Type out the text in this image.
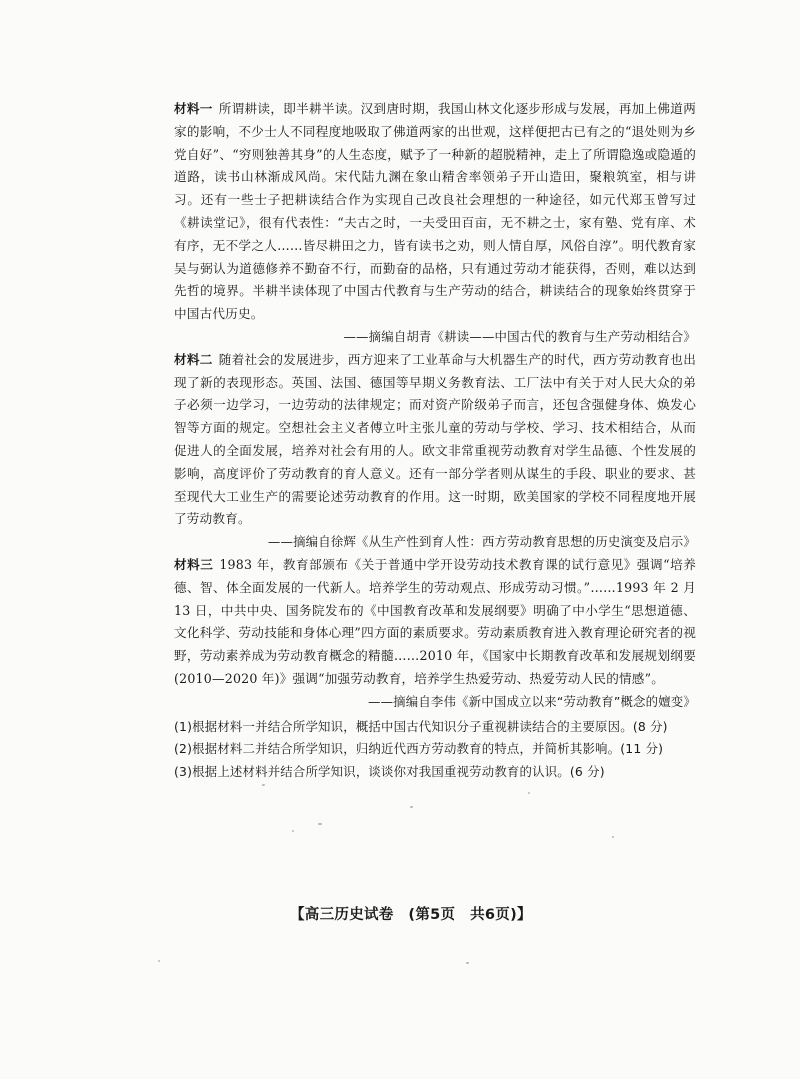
材料一 所谓耕读，即半耕半读。汉到唐时期，我国山林文化逐步形成与发展，再加上佛道两家的影响，不少士人不同程度地吸取了佛道两家的出世观，这样便把古已有之的“退处则为乡党自好”、“穷则独善其身”的人生态度，赋予了一种新的超脱精神，走上了所谓隐逸或隐遁的道路，读书山林渐成风尚。宋代陆九渊在象山精舍率领弟子开山造田，聚粮筑室，相与讲习。还有一些士子把耕读结合作为实现自己改良社会理想的一种途径，如元代郑玉曾写过《耕读堂记》，很有代表性：“夫古之时，一夫受田百亩，无不耕之士，家有塾、党有庠、术有序，无不学之人……皆尽耕田之力，皆有读书之劝，则人情自厚，风俗自淳”。明代教育家吴与弼认为道德修养不勤奋不行，而勤奋的品格，只有通过劳动才能获得，否则，难以达到先哲的境界。半耕半读体现了中国古代教育与生产劳动的结合，耕读结合的现象始终贯穿于中国古代历史。

——摘编自胡青《耕读——中国古代的教育与生产劳动相结合》

材料二 随着社会的发展进步，西方迎来了工业革命与大机器生产的时代，西方劳动教育也出现了新的表现形态。英国、法国、德国等早期义务教育法、工厂法中有关于对人民大众的弟子必须一边学习，一边劳动的法律规定；而对资产阶级弟子而言，还包含强健身体、焕发心智等方面的规定。空想社会主义者傅立叶主张儿童的劳动与学校、学习、技术相结合，从而促进人的全面发展，培养对社会有用的人。欧文非常重视劳动教育对学生品德、个性发展的影响，高度评价了劳动教育的育人意义。还有一部分学者则从谋生的手段、职业的要求、甚至现代大工业生产的需要论述劳动教育的作用。这一时期，欧美国家的学校不同程度地开展了劳动教育。

——摘编自徐辉《从生产性到育人性：西方劳动教育思想的历史演变及启示》

材料三 1983 年，教育部颁布《关于普通中学开设劳动技术教育课的试行意见》强调“培养德、智、体全面发展的一代新人。培养学生的劳动观点、形成劳动习惯。”……1993 年 2 月 13 日，中共中央、国务院发布的《中国教育改革和发展纲要》明确了中小学生“思想道德、文化科学、劳动技能和身体心理”四方面的素质要求。劳动素质教育进入教育理论研究者的视野，劳动素养成为劳动教育概念的精髓……2010 年，《国家中长期教育改革和发展规划纲要(2010—2020 年)》强调“加强劳动教育，培养学生热爱劳动、热爱劳动人民的情感”。

——摘编自李伟《新中国成立以来“劳动教育”概念的嬗变》

(1)根据材料一并结合所学知识，概括中国古代知识分子重视耕读结合的主要原因。(8 分)

(2)根据材料二并结合所学知识，归纳近代西方劳动教育的特点，并简析其影响。(11 分)

(3)根据上述材料并结合所学知识，谈谈你对我国重视劳动教育的认识。(6 分)

【高三历史试卷　(第5页　共6页)】
